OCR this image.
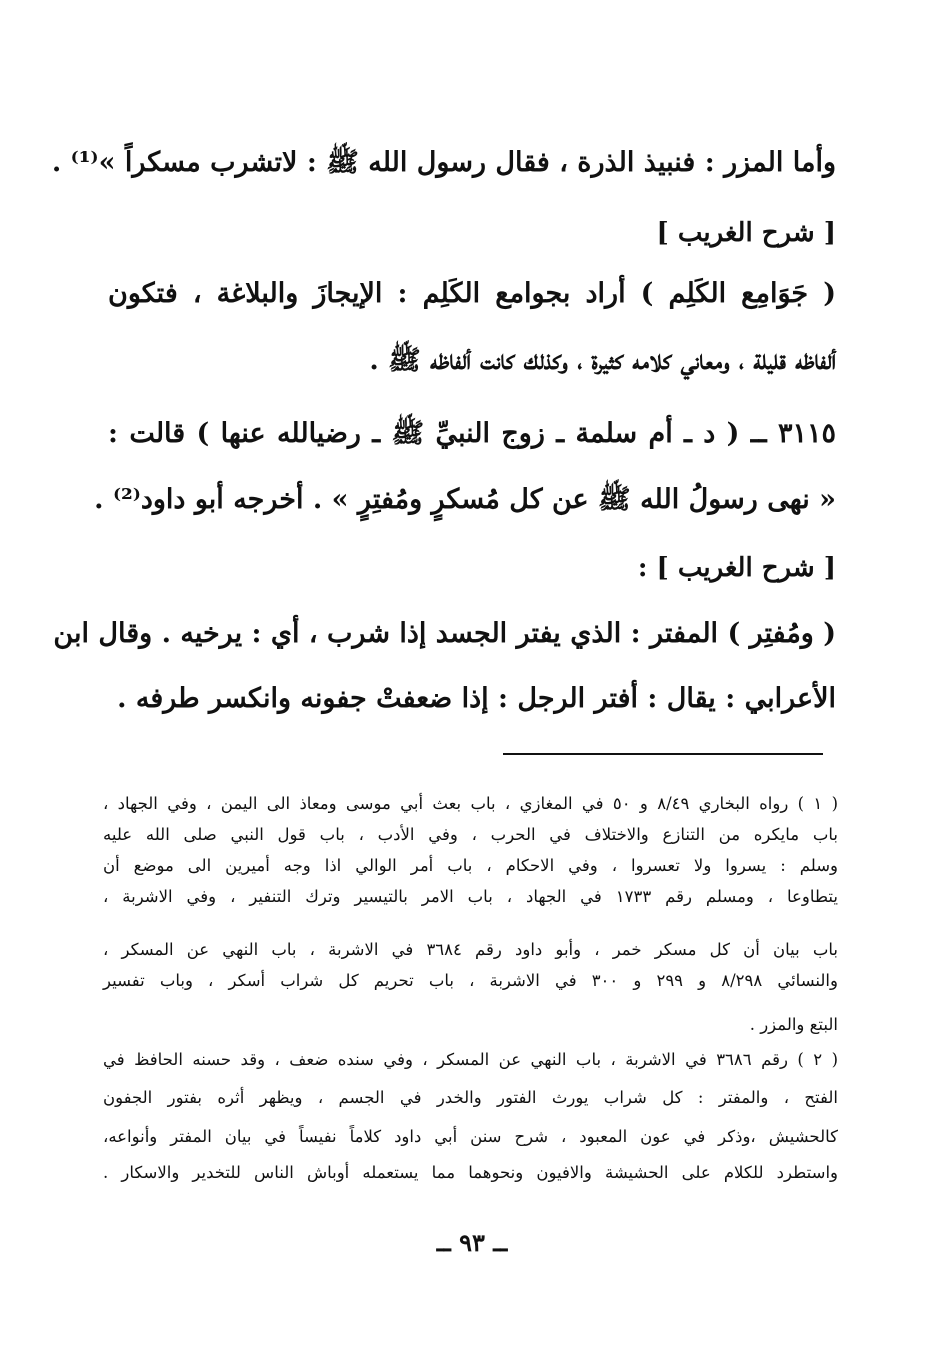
وأما المزر : فنبيذ الذرة ، فقال رسول الله ﷺ : لاتشرب مسكراً »⁽¹⁾ .
[ شرح الغريب ]
( جَوَامِع الكَلِم ) أراد بجوامع الكَلِم : الإيجازَ والبلاغة ، فتكون
ألفاظه قليلة ، ومعاني كلامه كثيرة ، وكذلك كانت ألفاظه ﷺ .
٣١١٥ ــ ( د ـ أم سلمة ـ زوج النبيِّ ﷺ ـ رضيالله عنها ) قالت :
« نهى رسولُ الله ﷺ عن كل مُسكرٍ ومُفتِرٍ » . أخرجه أبو داود⁽²⁾ .
[ شرح الغريب ] :
( ومُفتِر ) المفتر : الذي يفتر الجسد إذا شرب ، أي : يرخيه . وقال ابن
الأعرابي : يقال : أفتر الرجل : إذا ضعفتْ جفونه وانكسر طرفه .
( ١ ) رواه البخاري ٨/٤٩ و ٥٠ في المغازي ، باب بعث أبي موسى ومعاذ الى اليمن ، وفي الجهاد ،
باب مايكره من التنازع والاختلاف في الحرب ، وفي الأدب ، باب قول النبي صلى الله عليه
وسلم : يسروا ولا تعسروا ، وفي الاحكام ، باب أمر الوالي اذا وجه أميرين الى موضع أن
يتطاوعا ، ومسلم رقم ١٧٣٣ في الجهاد ، باب الامر بالتيسير وترك التنفير ، وفي الاشربة ،
باب بيان أن كل مسكر خمر ، وأبو داود رقم ٣٦٨٤ في الاشربة ، باب النهي عن المسكر ،
والنسائي ٨/٢٩٨ و ٢٩٩ و ٣٠٠ في الاشربة ، باب تحريم كل شراب أسكر ، وباب تفسير
البتع والمزر .
( ٢ ) رقم ٣٦٨٦ في الاشربة ، باب النهي عن المسكر ، وفي سنده ضعف ، وقد حسنه الحافظ في
الفتح ، والمفتر : كل شراب يورث الفتور والخدر في الجسم ، ويظهر أثره بفتور الجفون
كالحشيش ،وذكر في عون المعبود ، شرح سنن أبي داود كلاماً نفيساً في بيان المفتر وأنواعه،
واستطرد للكلام على الحشيشة والافيون ونحوهما مما يستعمله أوباش الناس للتخدير والاسكار .
ــ ٩٣ ــ
